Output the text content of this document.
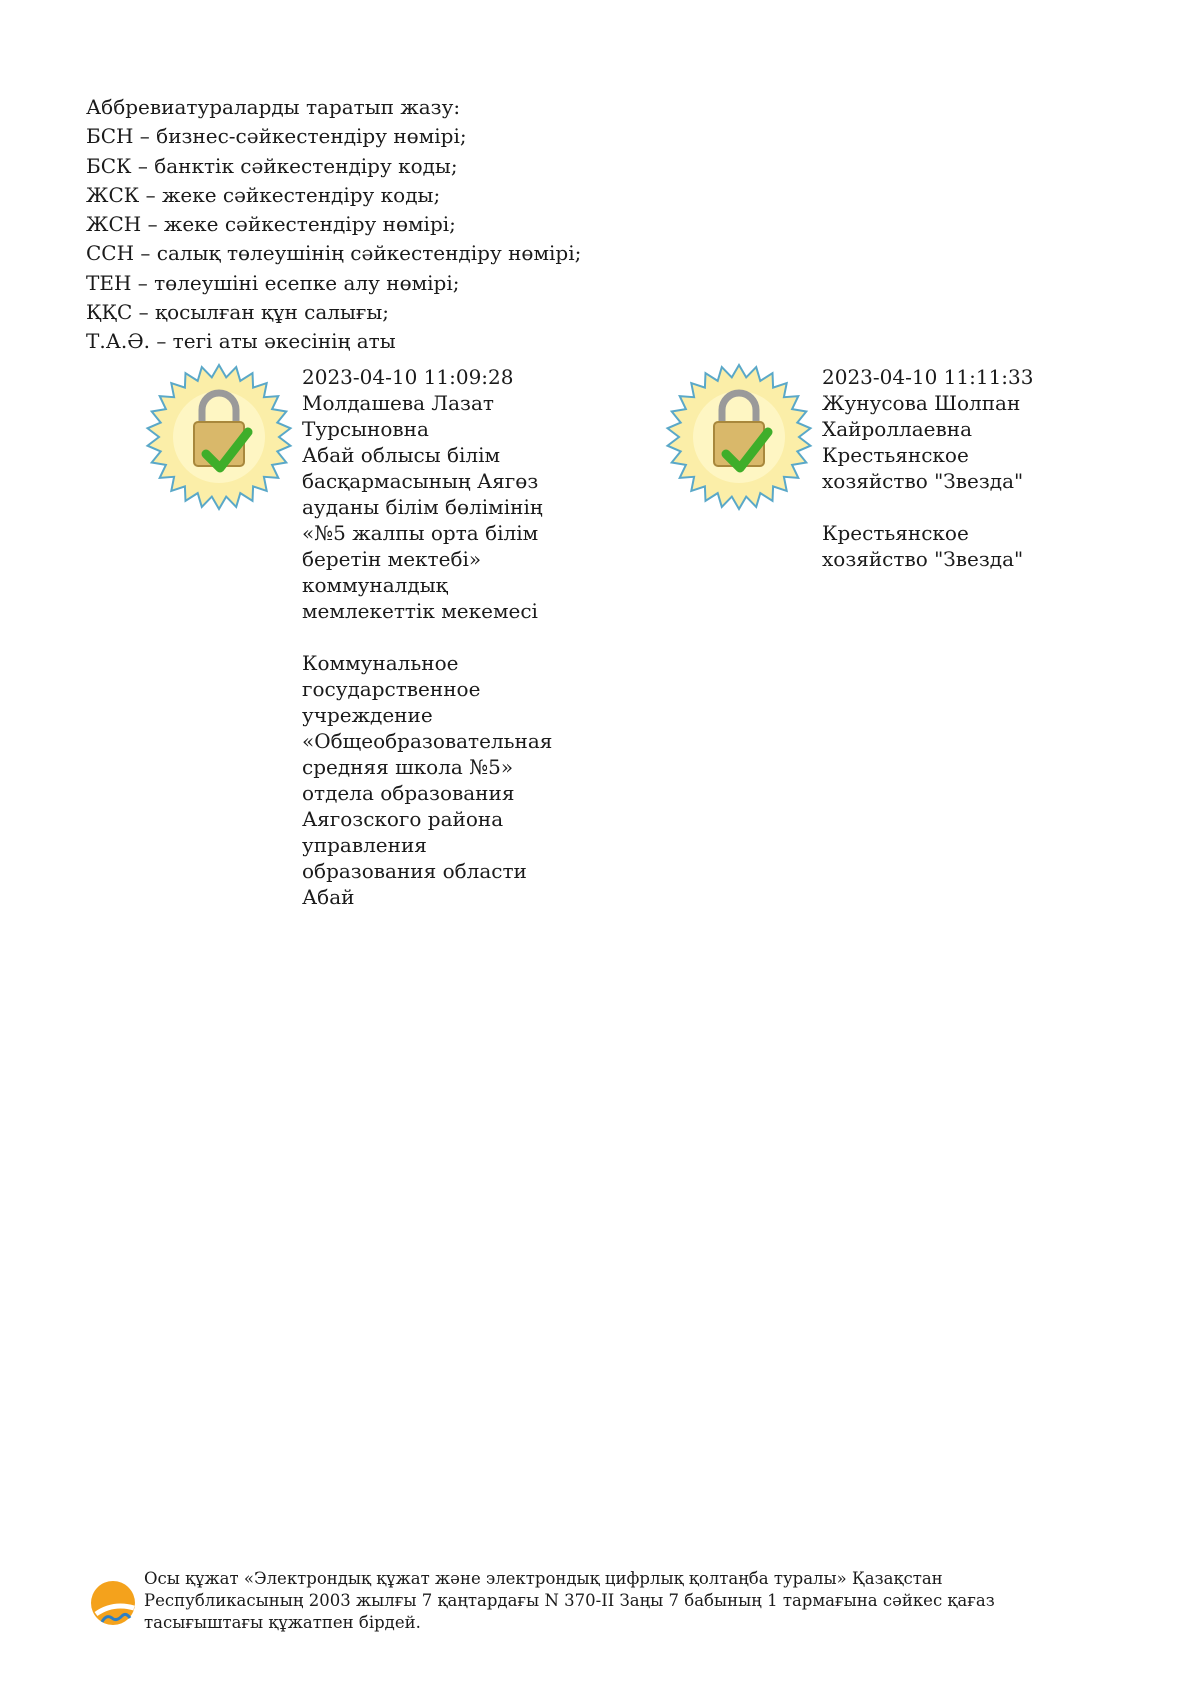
Аббревиатураларды таратып жазу:
БСН – бизнес-сәйкестендіру нөмірі;
БСК – банктік сәйкестендіру коды;
ЖСК – жеке сәйкестендіру коды;
ЖСН – жеке сәйкестендіру нөмірі;
ССН – салық төлеушінің сәйкестендіру нөмірі;
ТЕН – төлеушіні есепке алу нөмірі;
ҚҚС – қосылған құн салығы;
Т.А.Ә. – тегі аты әкесінің аты
2023-04-10 11:09:28
Молдашева Лазат
Турсыновна
Абай облысы білім
басқармасының Аягөз
ауданы білім бөлімінің
«№5 жалпы орта білім
беретін мектебі»
коммуналдық
мемлекеттік мекемесі
Коммунальное
государственное
учреждение
«Общеобразовательная
средняя школа №5»
отдела образования
Аягозского района
управления
образования области
Абай
2023-04-10 11:11:33
Жунусова Шолпан
Хайроллаевна
Крестьянское
хозяйство "Звезда"
Крестьянское
хозяйство "Звезда"
Осы құжат «Электрондық құжат және электрондық цифрлық қолтаңба туралы» Қазақстан
Республикасының 2003 жылғы 7 қаңтардағы N 370-II Заңы 7 бабының 1 тармағына сәйкес қағаз
тасығыштағы құжатпен бірдей.
